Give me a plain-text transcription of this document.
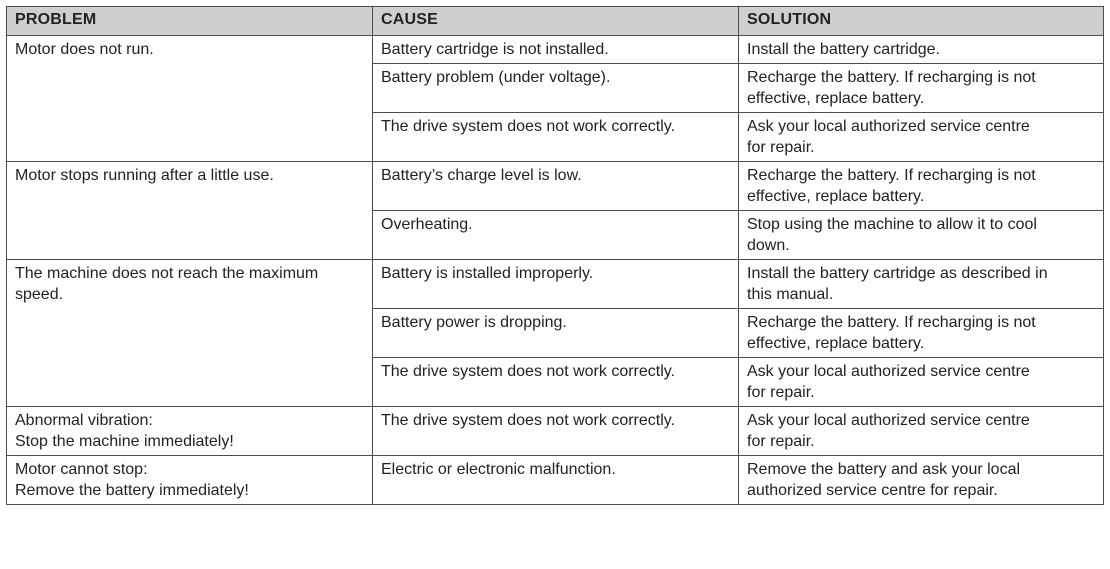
PROBLEM	CAUSE	SOLUTION

Motor does not run.	Battery cartridge is not installed.	Install the battery cartridge.

	Battery problem (under voltage).	Recharge the battery. If recharging is not
effective, replace battery.

	The drive system does not work correctly.	Ask your local authorized service centre
for repair.

Motor stops running after a little use.	Battery’s charge level is low.	Recharge the battery. If recharging is not
effective, replace battery.

	Overheating.	Stop using the machine to allow it to cool
down.

The machine does not reach the maximum
speed.	Battery is installed improperly.	Install the battery cartridge as described in
this manual.

	Battery power is dropping.	Recharge the battery. If recharging is not
effective, replace battery.

	The drive system does not work correctly.	Ask your local authorized service centre
for repair.

Abnormal vibration:
Stop the machine immediately!	The drive system does not work correctly.	Ask your local authorized service centre
for repair.

Motor cannot stop:
Remove the battery immediately!	Electric or electronic malfunction.	Remove the battery and ask your local
authorized service centre for repair.
